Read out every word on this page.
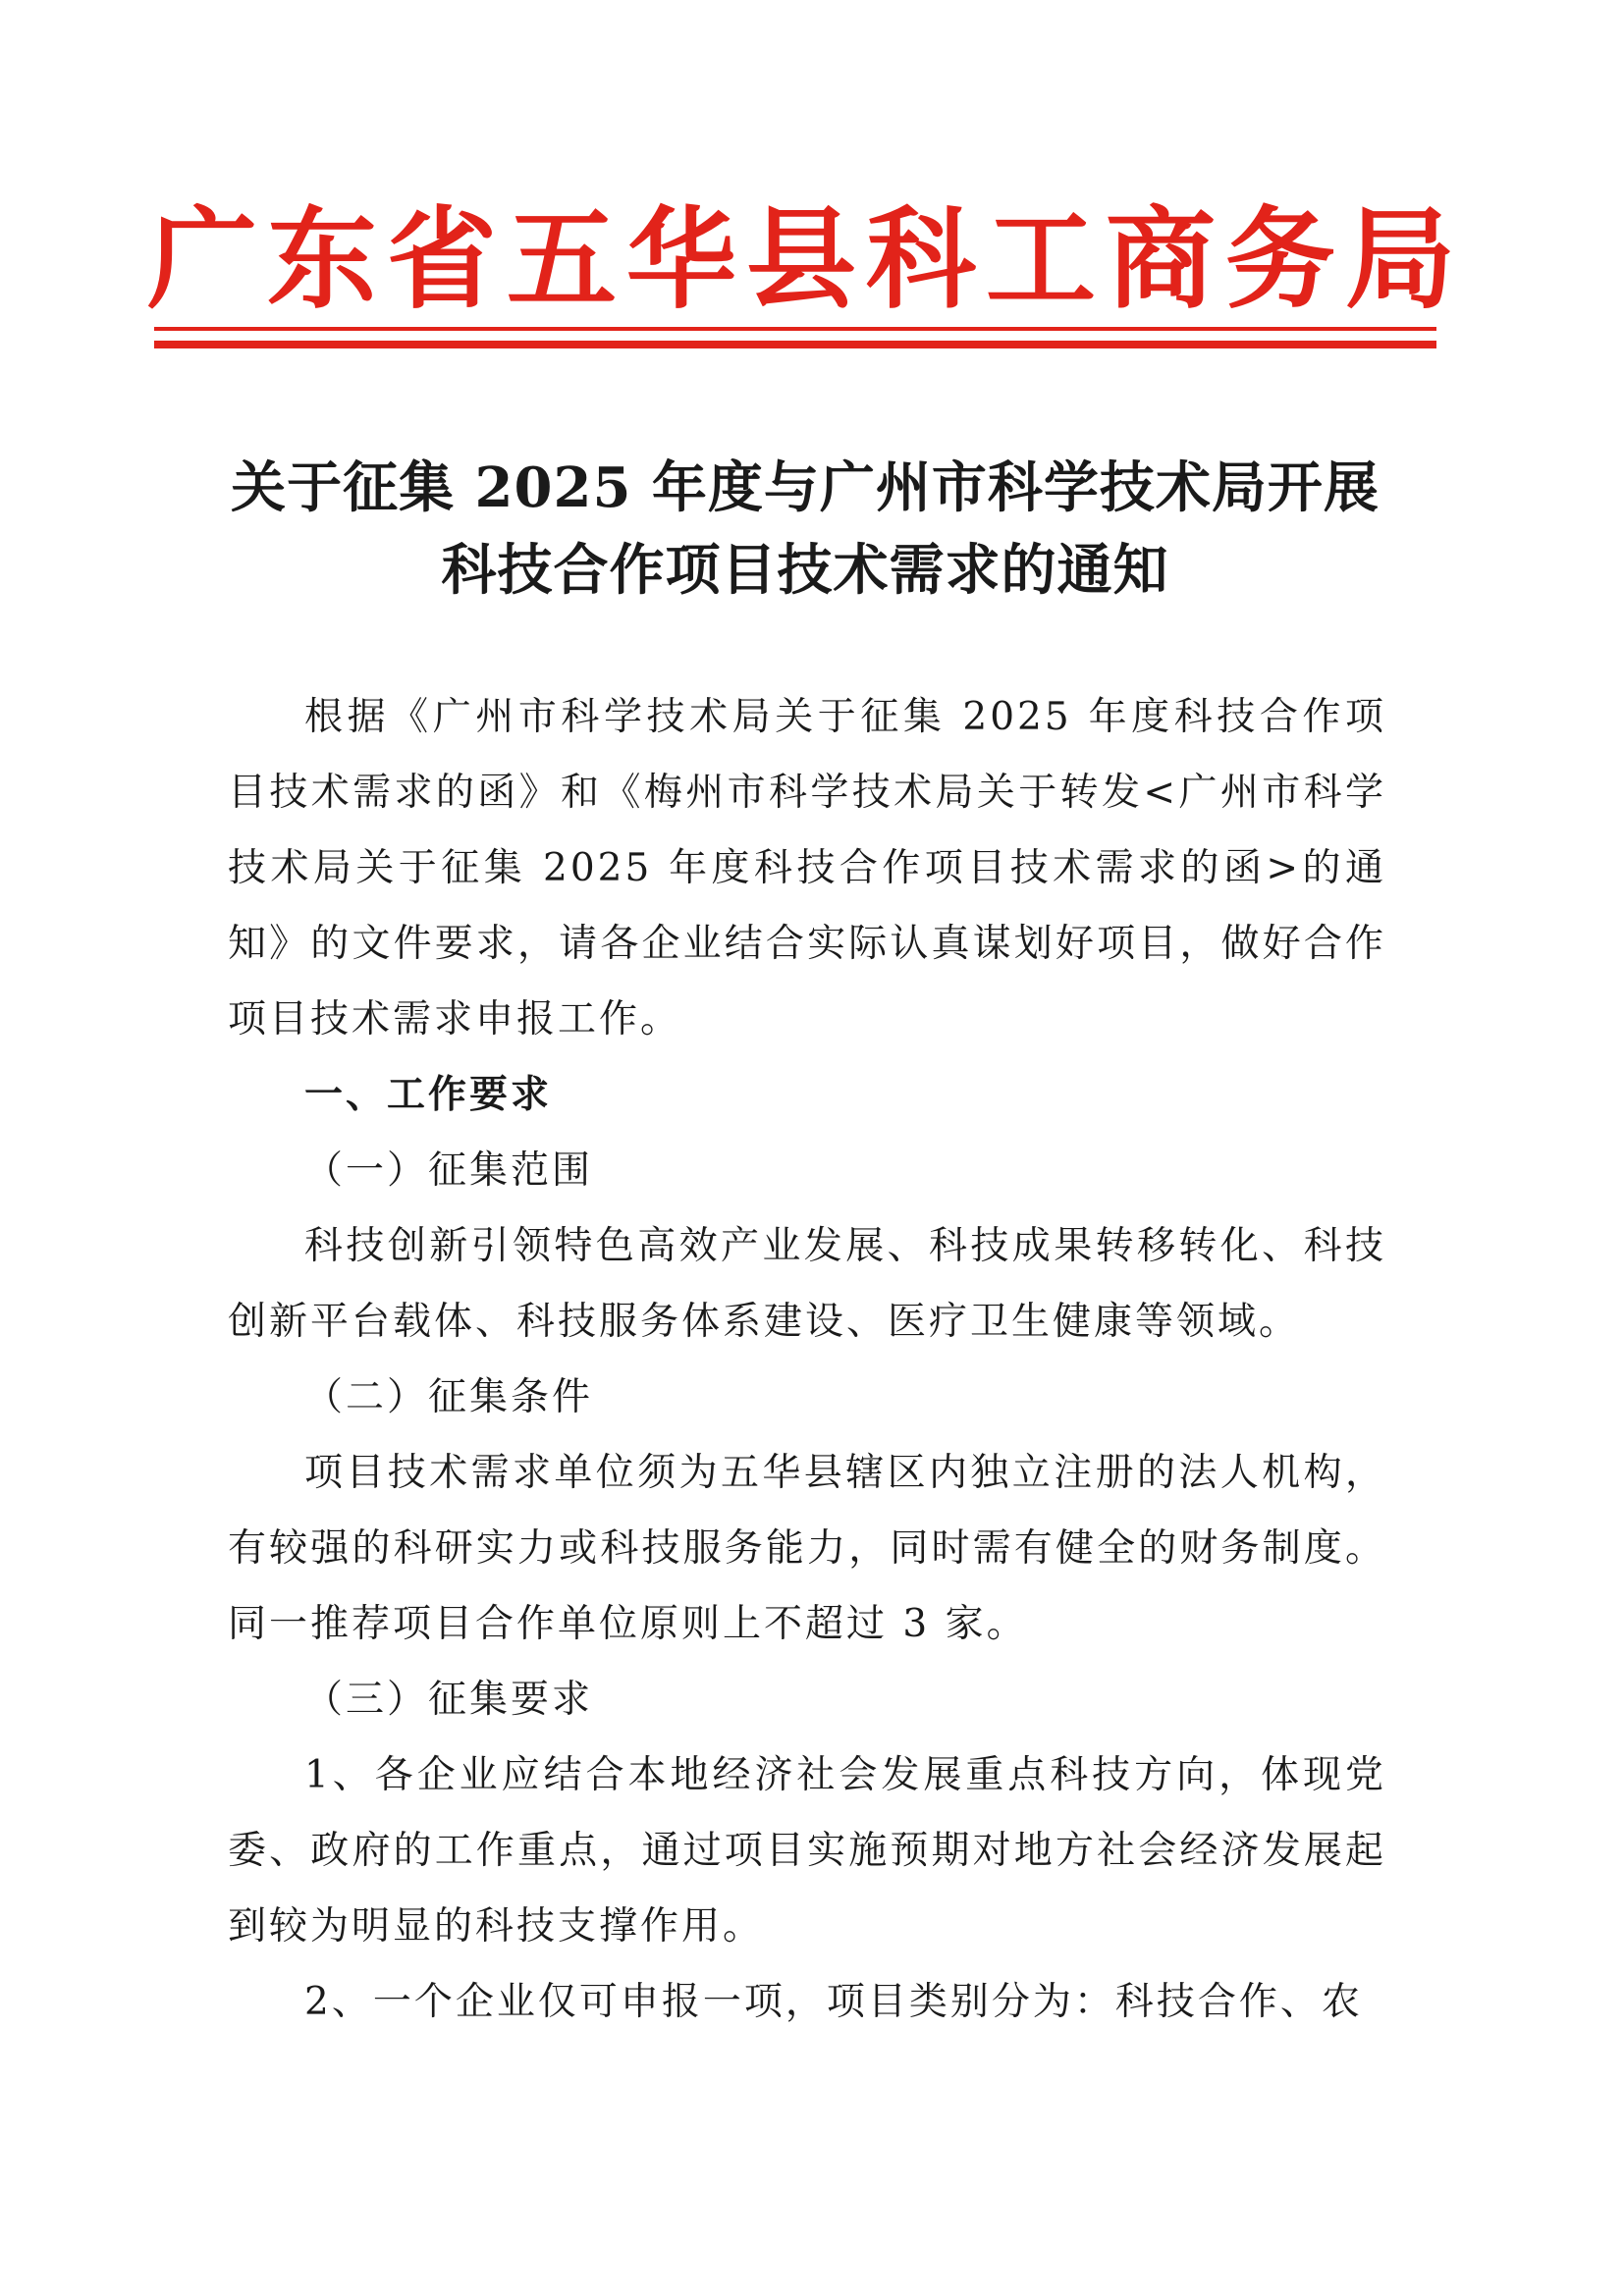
广东省五华县科工商务局
关于征集 2025 年度与广州市科学技术局开展
科技合作项目技术需求的通知

根据《广州市科学技术局关于征集 2025 年度科技合作项目技术需求的函》和《梅州市科学技术局关于转发<广州市科学技术局关于征集 2025 年度科技合作项目技术需求的函>的通知》的文件要求，请各企业结合实际认真谋划好项目，做好合作项目技术需求申报工作。

一、工作要求

（一）征集范围

科技创新引领特色高效产业发展、科技成果转移转化、科技创新平台载体、科技服务体系建设、医疗卫生健康等领域。

（二）征集条件

项目技术需求单位须为五华县辖区内独立注册的法人机构，有较强的科研实力或科技服务能力，同时需有健全的财务制度。同一推荐项目合作单位原则上不超过 3 家。

（三）征集要求

1、各企业应结合本地经济社会发展重点科技方向，体现党委、政府的工作重点，通过项目实施预期对地方社会经济发展起到较为明显的科技支撑作用。

2、一个企业仅可申报一项，项目类别分为：科技合作、农
